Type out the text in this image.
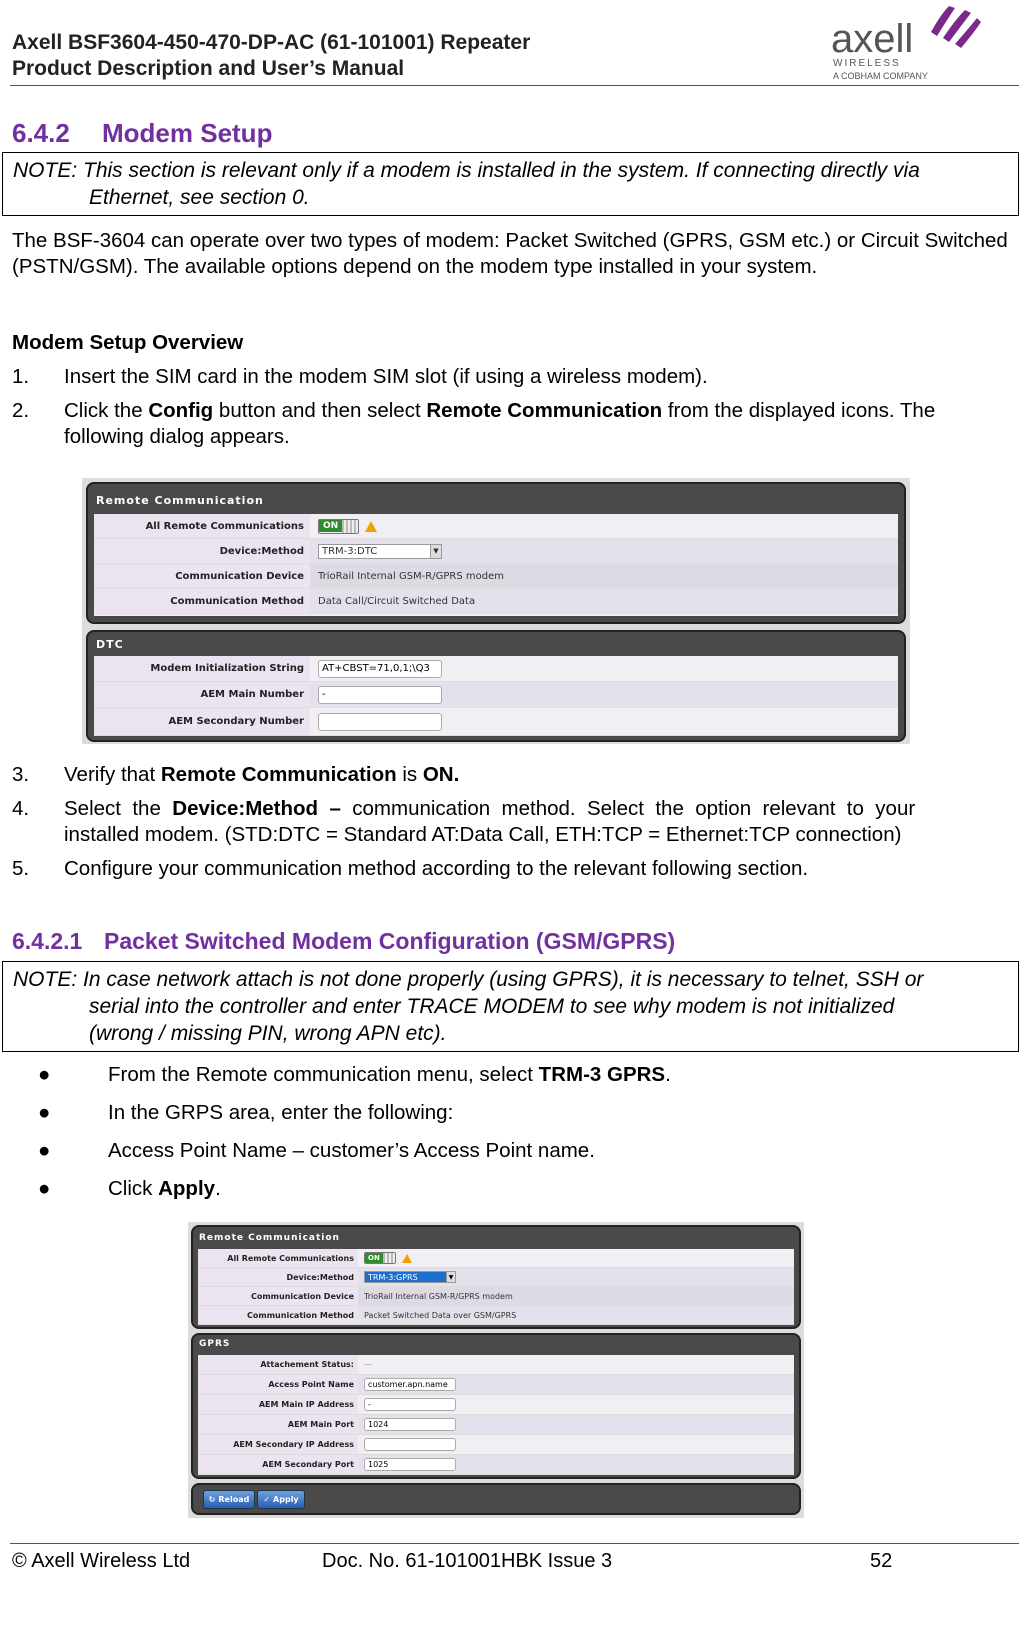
Axell BSF3604-450-470-DP-AC (61-101001) Repeater
Product Description and User’s Manual
axell
WIRELESS
A COBHAM COMPANY
6.4.2 Modem Setup
NOTE: This section is relevant only if a modem is installed in the system. If connecting directly via
Ethernet, see section 0.
The BSF-3604 can operate over two types of modem: Packet Switched (GPRS, GSM etc.) or Circuit Switched (PSTN/GSM). The available options depend on the modem type installed in your system.
Modem Setup Overview
1. Insert the SIM card in the modem SIM slot (if using a wireless modem).
2. Click the Config button and then select Remote Communication from the displayed icons. The following dialog appears.
Remote Communication
All Remote Communications	ON
Device:Method TRM-3:DTC	▼
Communication Device	TrioRail Internal GSM-R/GPRS modem
Communication Method	Data Call/Circuit Switched Data
DTC
Modem Initialization String	AT+CBST=71,0,1;\Q3
AEM Main Number	-
AEM Secondary Number
3. Verify that Remote Communication is ON.
4. Select  the  Device:Method  –  communication  method.  Select  the  option  relevant  to  your
installed modem. (STD:DTC = Standard AT:Data Call, ETH:TCP = Ethernet:TCP connection)
5. Configure your communication method according to the relevant following section.
6.4.2.1 Packet Switched Modem Configuration (GSM/GPRS)
NOTE: In case network attach is not done properly (using GPRS), it is necessary to telnet, SSH or
serial into the controller and enter TRACE MODEM to see why modem is not initialized
(wrong / missing PIN, wrong APN etc).
●	From the Remote communication menu, select TRM-3 GPRS.
●	In the GRPS area, enter the following:
●	Access Point Name – customer’s Access Point name.
●	Click Apply.
Remote Communication
All Remote Communications	ON
Device:Method TRM-3:GPRS	▼
Communication Device	TrioRail Internal GSM-R/GPRS modem
Communication Method	Packet Switched Data over GSM/GPRS
GPRS
Attachement Status:	—
Access Point Name	customer.apn.name
AEM Main IP Address	-
AEM Main Port	1024
AEM Secondary IP Address
AEM Secondary Port	1025
↻ Reload ✓ Apply
© Axell Wireless Ltd	Doc. No. 61-101001HBK Issue 3	52
